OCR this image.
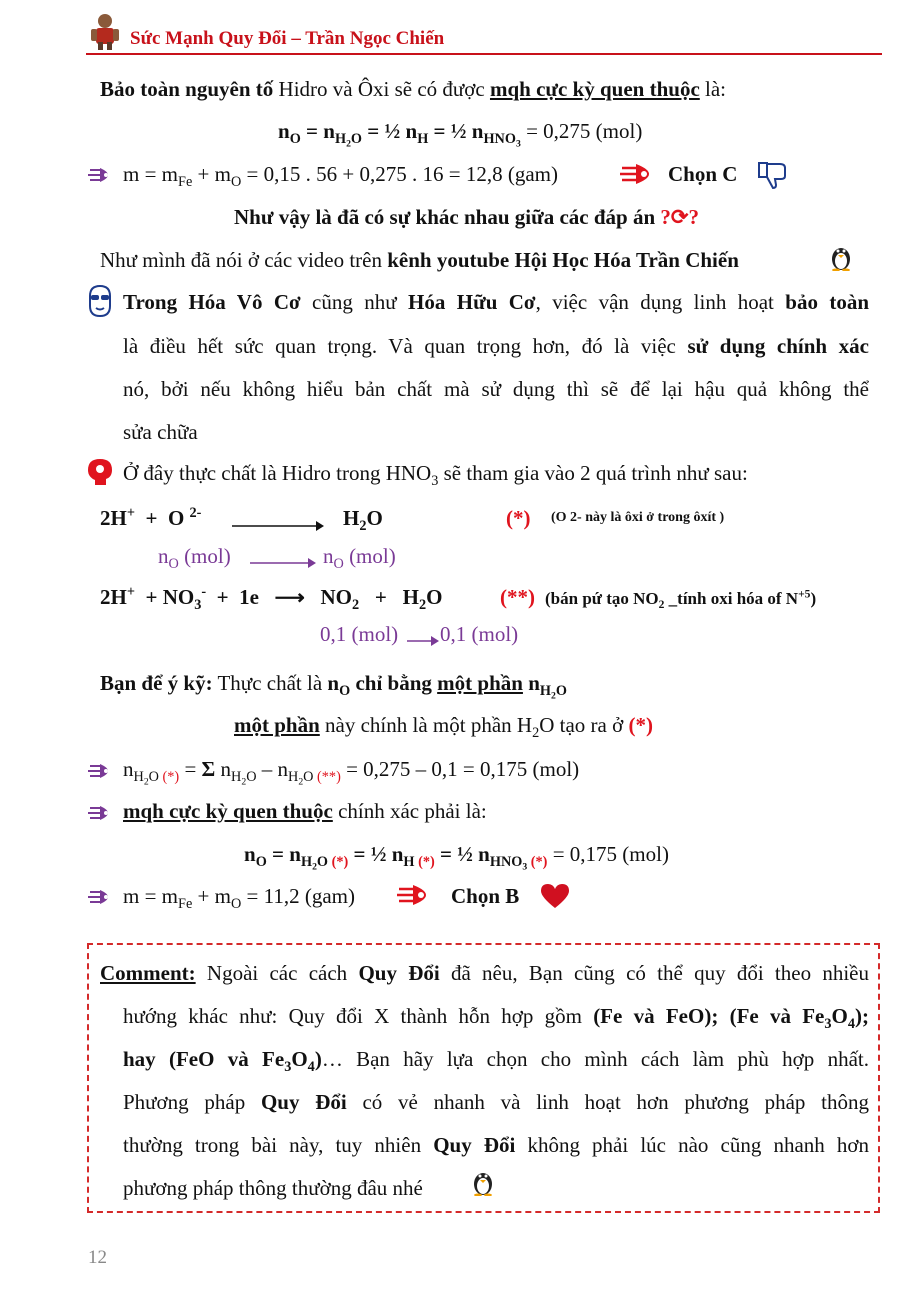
Sức Mạnh Quy Đổi – Trần Ngọc Chiến
Bảo toàn nguyên tố Hidro và Ôxi sẽ có được mqh cực kỳ quen thuộc là:
$n_O = n_{H_2O}$ = ½ $n_H$ = ½ $n_{HNO_3} = 0,275$ (mol)
$m = m_{Fe} + m_O = 0,15$ . 56 + 0,275 . 16 = 12,8 (gam)	Chọn C
Như vậy là đã có sự khác nhau giữa các đáp án ?⟳?
Như mình đã nói ở các video trên kênh youtube Hội Học Hóa Trần Chiến
Trong Hóa Vô Cơ cũng như Hóa Hữu Cơ, việc vận dụng linh hoạt bảo toàn
là điều hết sức quan trọng. Và quan trọng hơn, đó là việc sử dụng chính xác
nó, bởi nếu không hiểu bản chất mà sử dụng thì sẽ để lại hậu quả không thể
sửa chữa
Ở đây thực chất là Hidro trong $HNO_3$ sẽ tham gia vào 2 quá trình như sau:
2H+  +  O $^{2-}$	$H_2O$	(*) (O 2- này là ôxi ở trong ôxít )
$n_O$ (mol)	$n_O$ (mol)
$2H^+ + NO_3^- + 1e$   ⟶   $NO_2 + H_2O$	(**) (bán pứ tạo $NO_2$ _tính oxi hóa of $N^{+5}$)
0,1 (mol) 0,1 (mol)
Bạn để ý kỹ: Thực chất là $n_O$ chỉ bằng một phần $n_{H_2O}$
một phần này chính là một phần $H_2O$ tạo ra ở (*)
$n_{H_2O (*)} = \Sigma$ $n_{H_2O} - n_{H_2O (**)} = 0,275 - 0,1 = 0,175$ (mol)
mqh cực kỳ quen thuộc chính xác phải là:
$n_O = n_{H_2O (*)}$ = ½ $n_{H (*)}$ = ½ $n_{HNO_3 (*)} = 0,175$ (mol)
$m = m_{Fe} + m_O = 11,2$ (gam)	Chọn B
Comment: Ngoài các cách Quy Đổi đã nêu, Bạn cũng có thể quy đổi theo nhiều
hướng khác như: Quy đổi X thành hỗn hợp gồm (Fe và FeO); (Fe và $Fe_3O_4$);
hay (FeO và $Fe_3O_4)\dots$ Bạn hãy lựa chọn cho mình cách làm phù hợp nhất.
Phương pháp Quy Đổi có vẻ nhanh và linh hoạt hơn phương pháp thông
thường trong bài này, tuy nhiên Quy Đổi không phải lúc nào cũng nhanh hơn
phương pháp thông thường đâu nhé
12
